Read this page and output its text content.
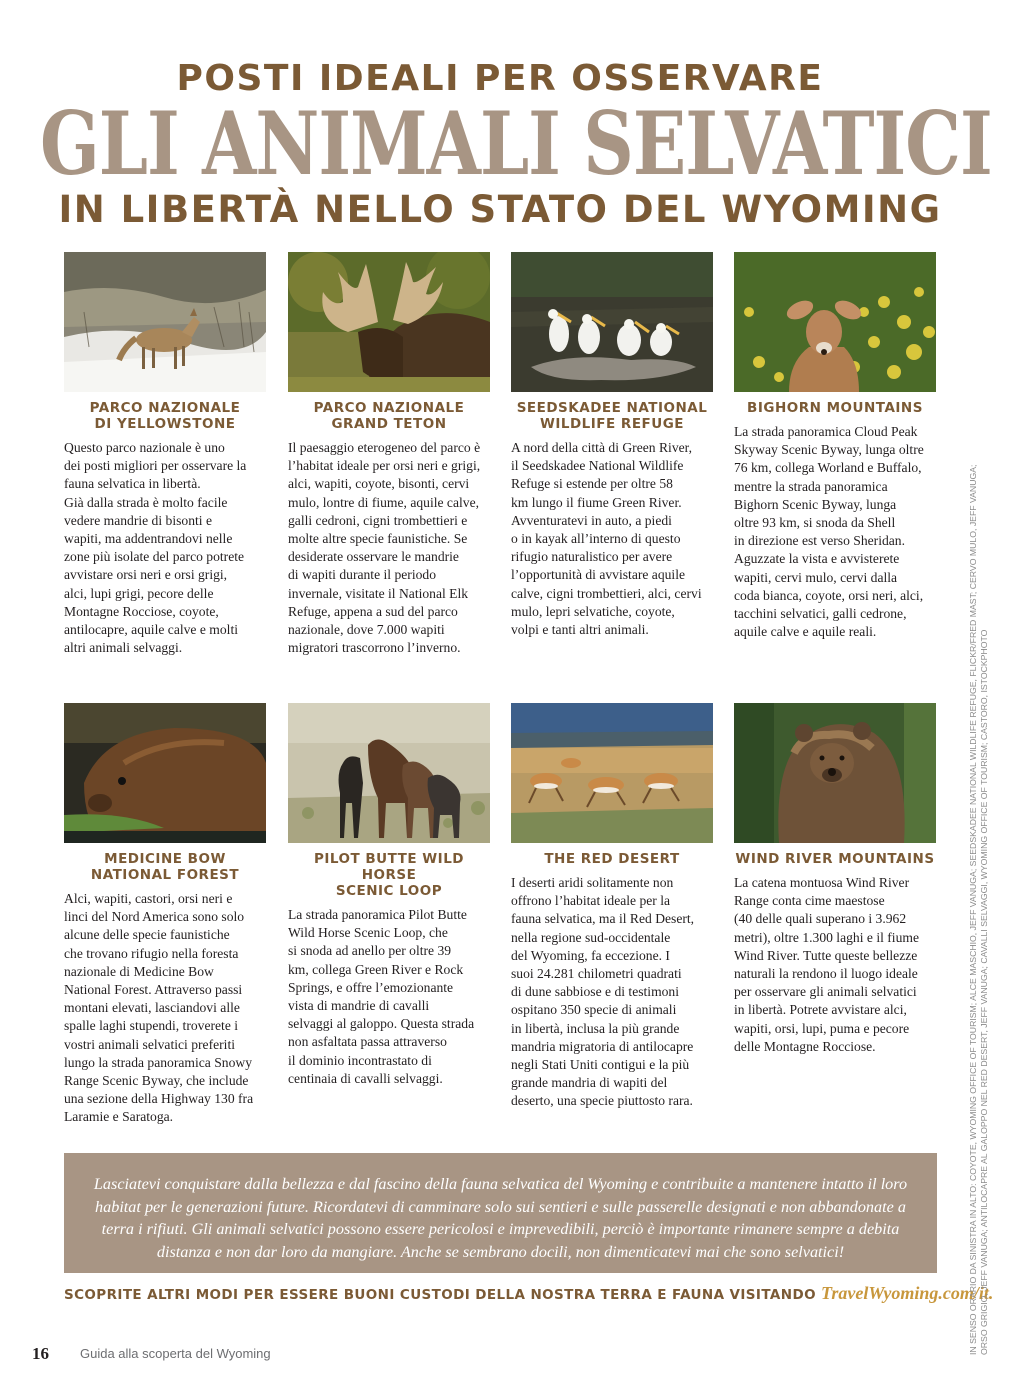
POSTI IDEALI PER OSSERVARE
GLI ANIMALI SELVATICI
IN LIBERTÀ NELLO STATO DEL WYOMING
PARCO NAZIONALE
DI YELLOWSTONE
Questo parco nazionale è uno
dei posti migliori per osservare la
fauna selvatica in libertà.
Già dalla strada è molto facile
vedere mandrie di bisonti e
wapiti, ma addentrandovi nelle
zone più isolate del parco potrete
avvistare orsi neri e orsi grigi,
alci, lupi grigi, pecore delle
Montagne Rocciose, coyote,
antilocapre, aquile calve e molti
altri animali selvaggi.
PARCO NAZIONALE
GRAND TETON
Il paesaggio eterogeneo del parco è
l’habitat ideale per orsi neri e grigi,
alci, wapiti, coyote, bisonti, cervi
mulo, lontre di fiume, aquile calve,
galli cedroni, cigni trombettieri e
molte altre specie faunistiche. Se
desiderate osservare le mandrie
di wapiti durante il periodo
invernale, visitate il National Elk
Refuge, appena a sud del parco
nazionale, dove 7.000 wapiti
migratori trascorrono l’inverno.
SEEDSKADEE NATIONAL
WILDLIFE REFUGE
A nord della città di Green River,
il Seedskadee National Wildlife
Refuge si estende per oltre 58
km lungo il fiume Green River.
Avventuratevi in auto, a piedi
o in kayak all’interno di questo
rifugio naturalistico per avere
l’opportunità di avvistare aquile
calve, cigni trombettieri, alci, cervi
mulo, lepri selvatiche, coyote,
volpi e tanti altri animali.
BIGHORN MOUNTAINS
La strada panoramica Cloud Peak
Skyway Scenic Byway, lunga oltre
76 km, collega Worland e Buffalo,
mentre la strada panoramica
Bighorn Scenic Byway, lunga
oltre 93 km, si snoda da Shell
in direzione est verso Sheridan.
Aguzzate la vista e avvisterete
wapiti, cervi mulo, cervi dalla
coda bianca, coyote, orsi neri, alci,
tacchini selvatici, galli cedrone,
aquile calve e aquile reali.
MEDICINE BOW
NATIONAL FOREST
Alci, wapiti, castori, orsi neri e
linci del Nord America sono solo
alcune delle specie faunistiche
che trovano rifugio nella foresta
nazionale di Medicine Bow
National Forest. Attraverso passi
montani elevati, lasciandovi alle
spalle laghi stupendi, troverete i
vostri animali selvatici preferiti
lungo la strada panoramica Snowy
Range Scenic Byway, che include
una sezione della Highway 130 fra
Laramie e Saratoga.
PILOT BUTTE WILD HORSE
SCENIC LOOP
La strada panoramica Pilot Butte
Wild Horse Scenic Loop, che
si snoda ad anello per oltre 39
km, collega Green River e Rock
Springs, e offre l’emozionante
vista di mandrie di cavalli
selvaggi al galoppo. Questa strada
non asfaltata passa attraverso
il dominio incontrastato di
centinaia di cavalli selvaggi.
THE RED DESERT
I deserti aridi solitamente non
offrono l’habitat ideale per la
fauna selvatica, ma il Red Desert,
nella regione sud-occidentale
del Wyoming, fa eccezione. I
suoi 24.281 chilometri quadrati
di dune sabbiose e di testimoni
ospitano 350 specie di animali
in libertà, inclusa la più grande
mandria migratoria di antilocapre
negli Stati Uniti contigui e la più
grande mandria di wapiti del
deserto, una specie piuttosto rara.
WIND RIVER MOUNTAINS
La catena montuosa Wind River
Range conta cime maestose
(40 delle quali superano i 3.962
metri), oltre 1.300 laghi e il fiume
Wind River. Tutte queste bellezze
naturali la rendono il luogo ideale
per osservare gli animali selvatici
in libertà. Potrete avvistare alci,
wapiti, orsi, lupi, puma e pecore
delle Montagne Rocciose.
Lasciatevi conquistare dalla bellezza e dal fascino della fauna selvatica del Wyoming e contribuite a mantenere intatto il loro habitat per le generazioni future. Ricordatevi di camminare solo sui sentieri e sulle passerelle designati e non abbandonate a terra i rifiuti. Gli animali selvatici possono essere pericolosi e imprevedibili, perciò è importante rimanere sempre a debita distanza e non dar loro da mangiare. Anche se sembrano docili, non dimenticatevi mai che sono selvatici!
SCOPRITE ALTRI MODI PER ESSERE BUONI CUSTODI DELLA NOSTRA TERRA E FAUNA VISITANDO TravelWyoming.com/it.
16 Guida alla scoperta del Wyoming	IN SENSO ORARIO DA SINISTRA IN ALTO: COYOTE, WYOMING OFFICE OF TOURISM; ALCE MASCHIO, JEFF VANUGA; SEEDSKADEE NATIONAL WILDLIFE REFUGE, FLICKR/FRED MAST; CERVO MULO, JEFF VANUGA;
ORSO GRIGIO, JEFF VANUGA; ANTILOCAPRE AL GALOPPO NEL RED DESERT, JEFF VANUGA; CAVALLI SELVAGGI, WYOMING OFFICE OF TOURISM; CASTORO, ISTOCKPHOTO
